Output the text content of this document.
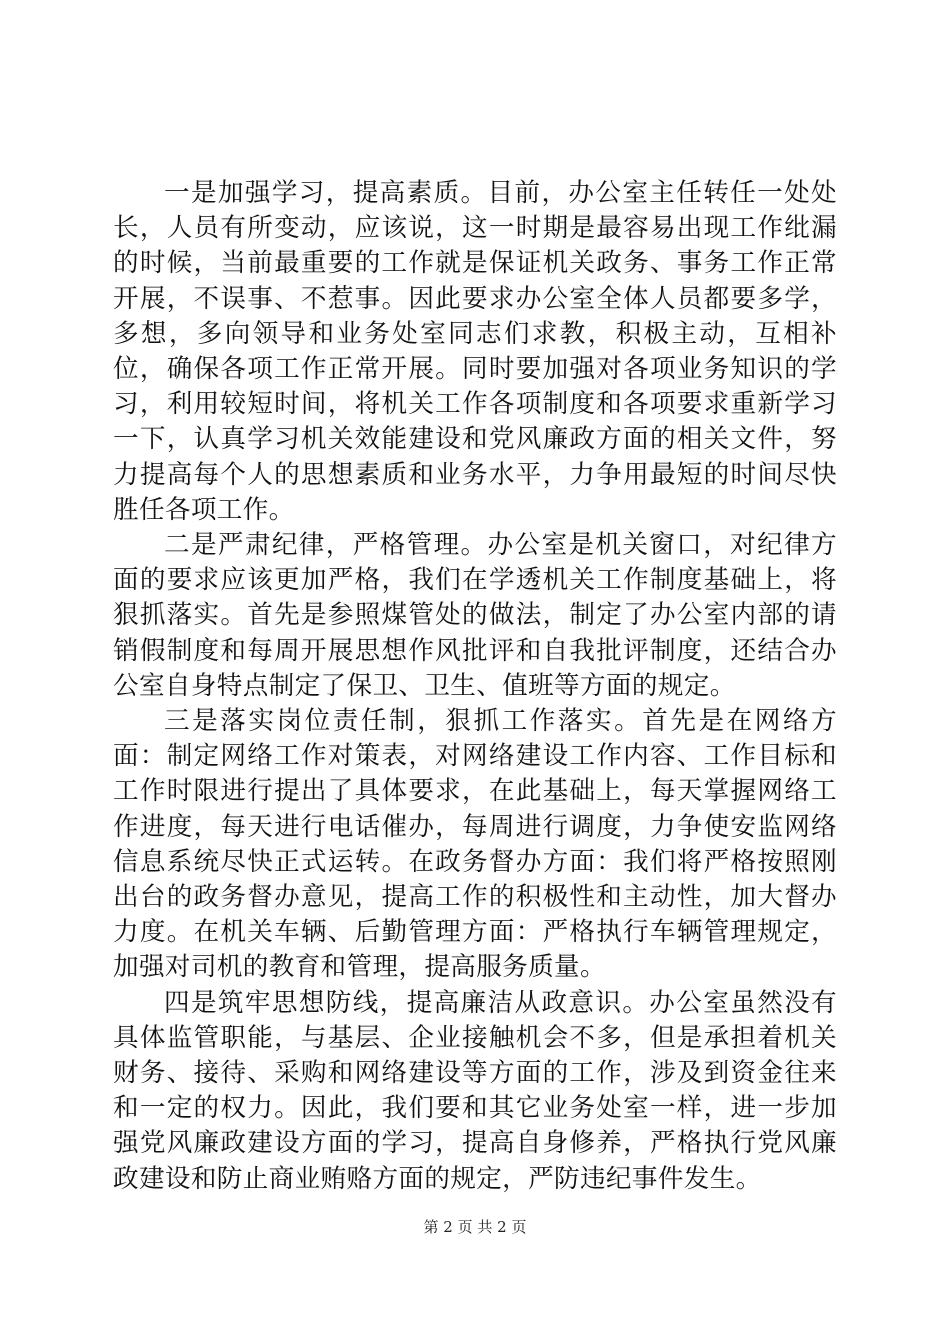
一是加强学习，提高素质。目前，办公室主任转任一处处长，人员有所变动，应该说，这一时期是最容易出现工作纰漏的时候，当前最重要的工作就是保证机关政务、事务工作正常开展，不误事、不惹事。因此要求办公室全体人员都要多学，多想，多向领导和业务处室同志们求教，积极主动，互相补位，确保各项工作正常开展。同时要加强对各项业务知识的学习，利用较短时间，将机关工作各项制度和各项要求重新学习一下，认真学习机关效能建设和党风廉政方面的相关文件，努力提高每个人的思想素质和业务水平，力争用最短的时间尽快胜任各项工作。

二是严肃纪律，严格管理。办公室是机关窗口，对纪律方面的要求应该更加严格，我们在学透机关工作制度基础上，将狠抓落实。首先是参照煤管处的做法，制定了办公室内部的请销假制度和每周开展思想作风批评和自我批评制度，还结合办公室自身特点制定了保卫、卫生、值班等方面的规定。

三是落实岗位责任制，狠抓工作落实。首先是在网络方面：制定网络工作对策表，对网络建设工作内容、工作目标和工作时限进行提出了具体要求，在此基础上，每天掌握网络工作进度，每天进行电话催办，每周进行调度，力争使安监网络信息系统尽快正式运转。在政务督办方面：我们将严格按照刚出台的政务督办意见，提高工作的积极性和主动性，加大督办力度。在机关车辆、后勤管理方面：严格执行车辆管理规定，加强对司机的教育和管理，提高服务质量。

四是筑牢思想防线，提高廉洁从政意识。办公室虽然没有具体监管职能，与基层、企业接触机会不多，但是承担着机关财务、接待、采购和网络建设等方面的工作，涉及到资金往来和一定的权力。因此，我们要和其它业务处室一样，进一步加强党风廉政建设方面的学习，提高自身修养，严格执行党风廉政建设和防止商业贿赂方面的规定，严防违纪事件发生。

第 2 页 共 2 页
